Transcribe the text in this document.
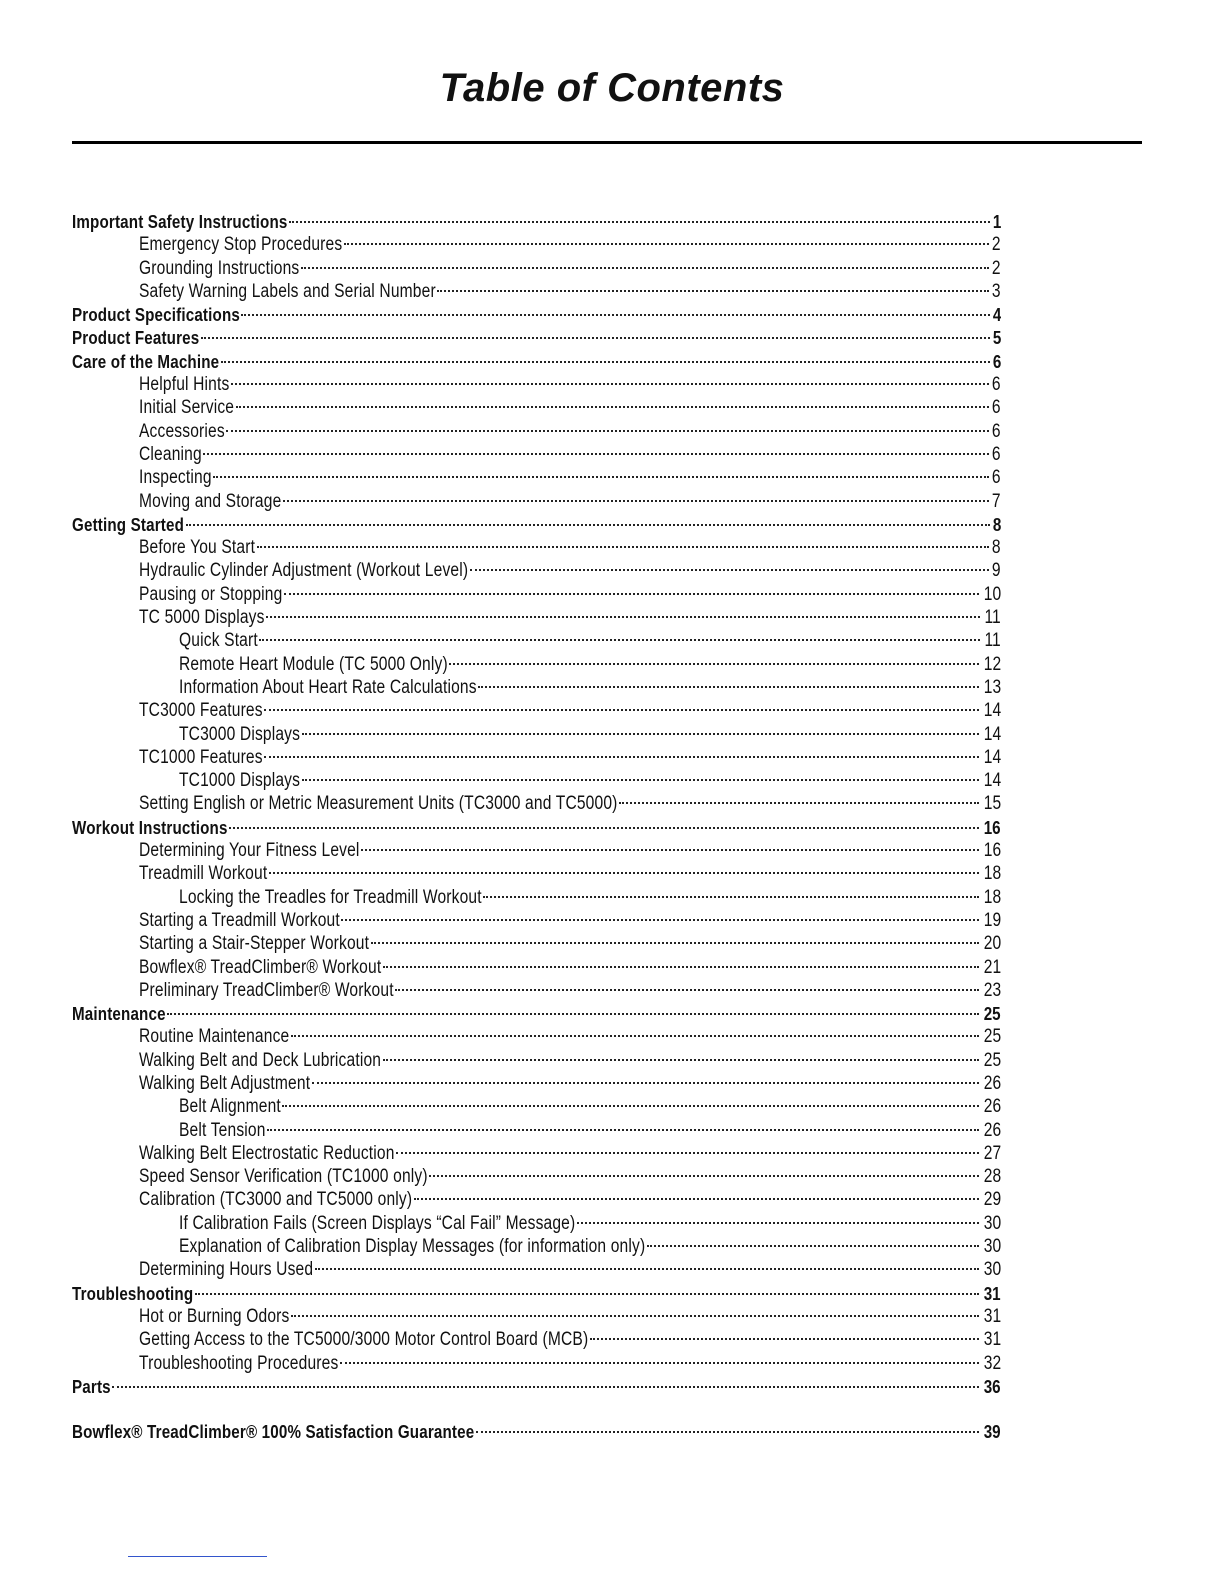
Table of Contents
Important Safety Instructions	1
Emergency Stop Procedures	2
Grounding Instructions	2
Safety Warning Labels and Serial Number	3
Product Specifications	4
Product Features	5
Care of the Machine	6
Helpful Hints	6
Initial Service	6
Accessories	6
Cleaning	6
Inspecting	6
Moving and Storage	7
Getting Started	8
Before You Start	8
Hydraulic Cylinder Adjustment (Workout Level)	9
Pausing or Stopping	10
TC 5000 Displays	11
Quick Start	11
Remote Heart Module (TC 5000 Only)	12
Information About Heart Rate Calculations	13
TC3000 Features	14
TC3000 Displays	14
TC1000 Features	14
TC1000 Displays	14
Setting English or Metric Measurement Units (TC3000 and TC5000)	15
Workout Instructions	16
Determining Your Fitness Level	16
Treadmill Workout	18
Locking the Treadles for Treadmill Workout	18
Starting a Treadmill Workout	19
Starting a Stair-Stepper Workout	20
Bowflex® TreadClimber® Workout	21
Preliminary TreadClimber® Workout	23
Maintenance	25
Routine Maintenance	25
Walking Belt and Deck Lubrication	25
Walking Belt Adjustment	26
Belt Alignment	26
Belt Tension	26
Walking Belt Electrostatic Reduction	27
Speed Sensor Verification (TC1000 only)	28
Calibration (TC3000 and TC5000 only)	29
If Calibration Fails (Screen Displays “Cal Fail” Message)	30
Explanation of Calibration Display Messages (for information only)	30
Determining Hours Used	30
Troubleshooting	31
Hot or Burning Odors	31
Getting Access to the TC5000/3000 Motor Control Board (MCB)	31
Troubleshooting Procedures	32
Parts	36
Bowflex® TreadClimber® 100% Satisfaction Guarantee	39
